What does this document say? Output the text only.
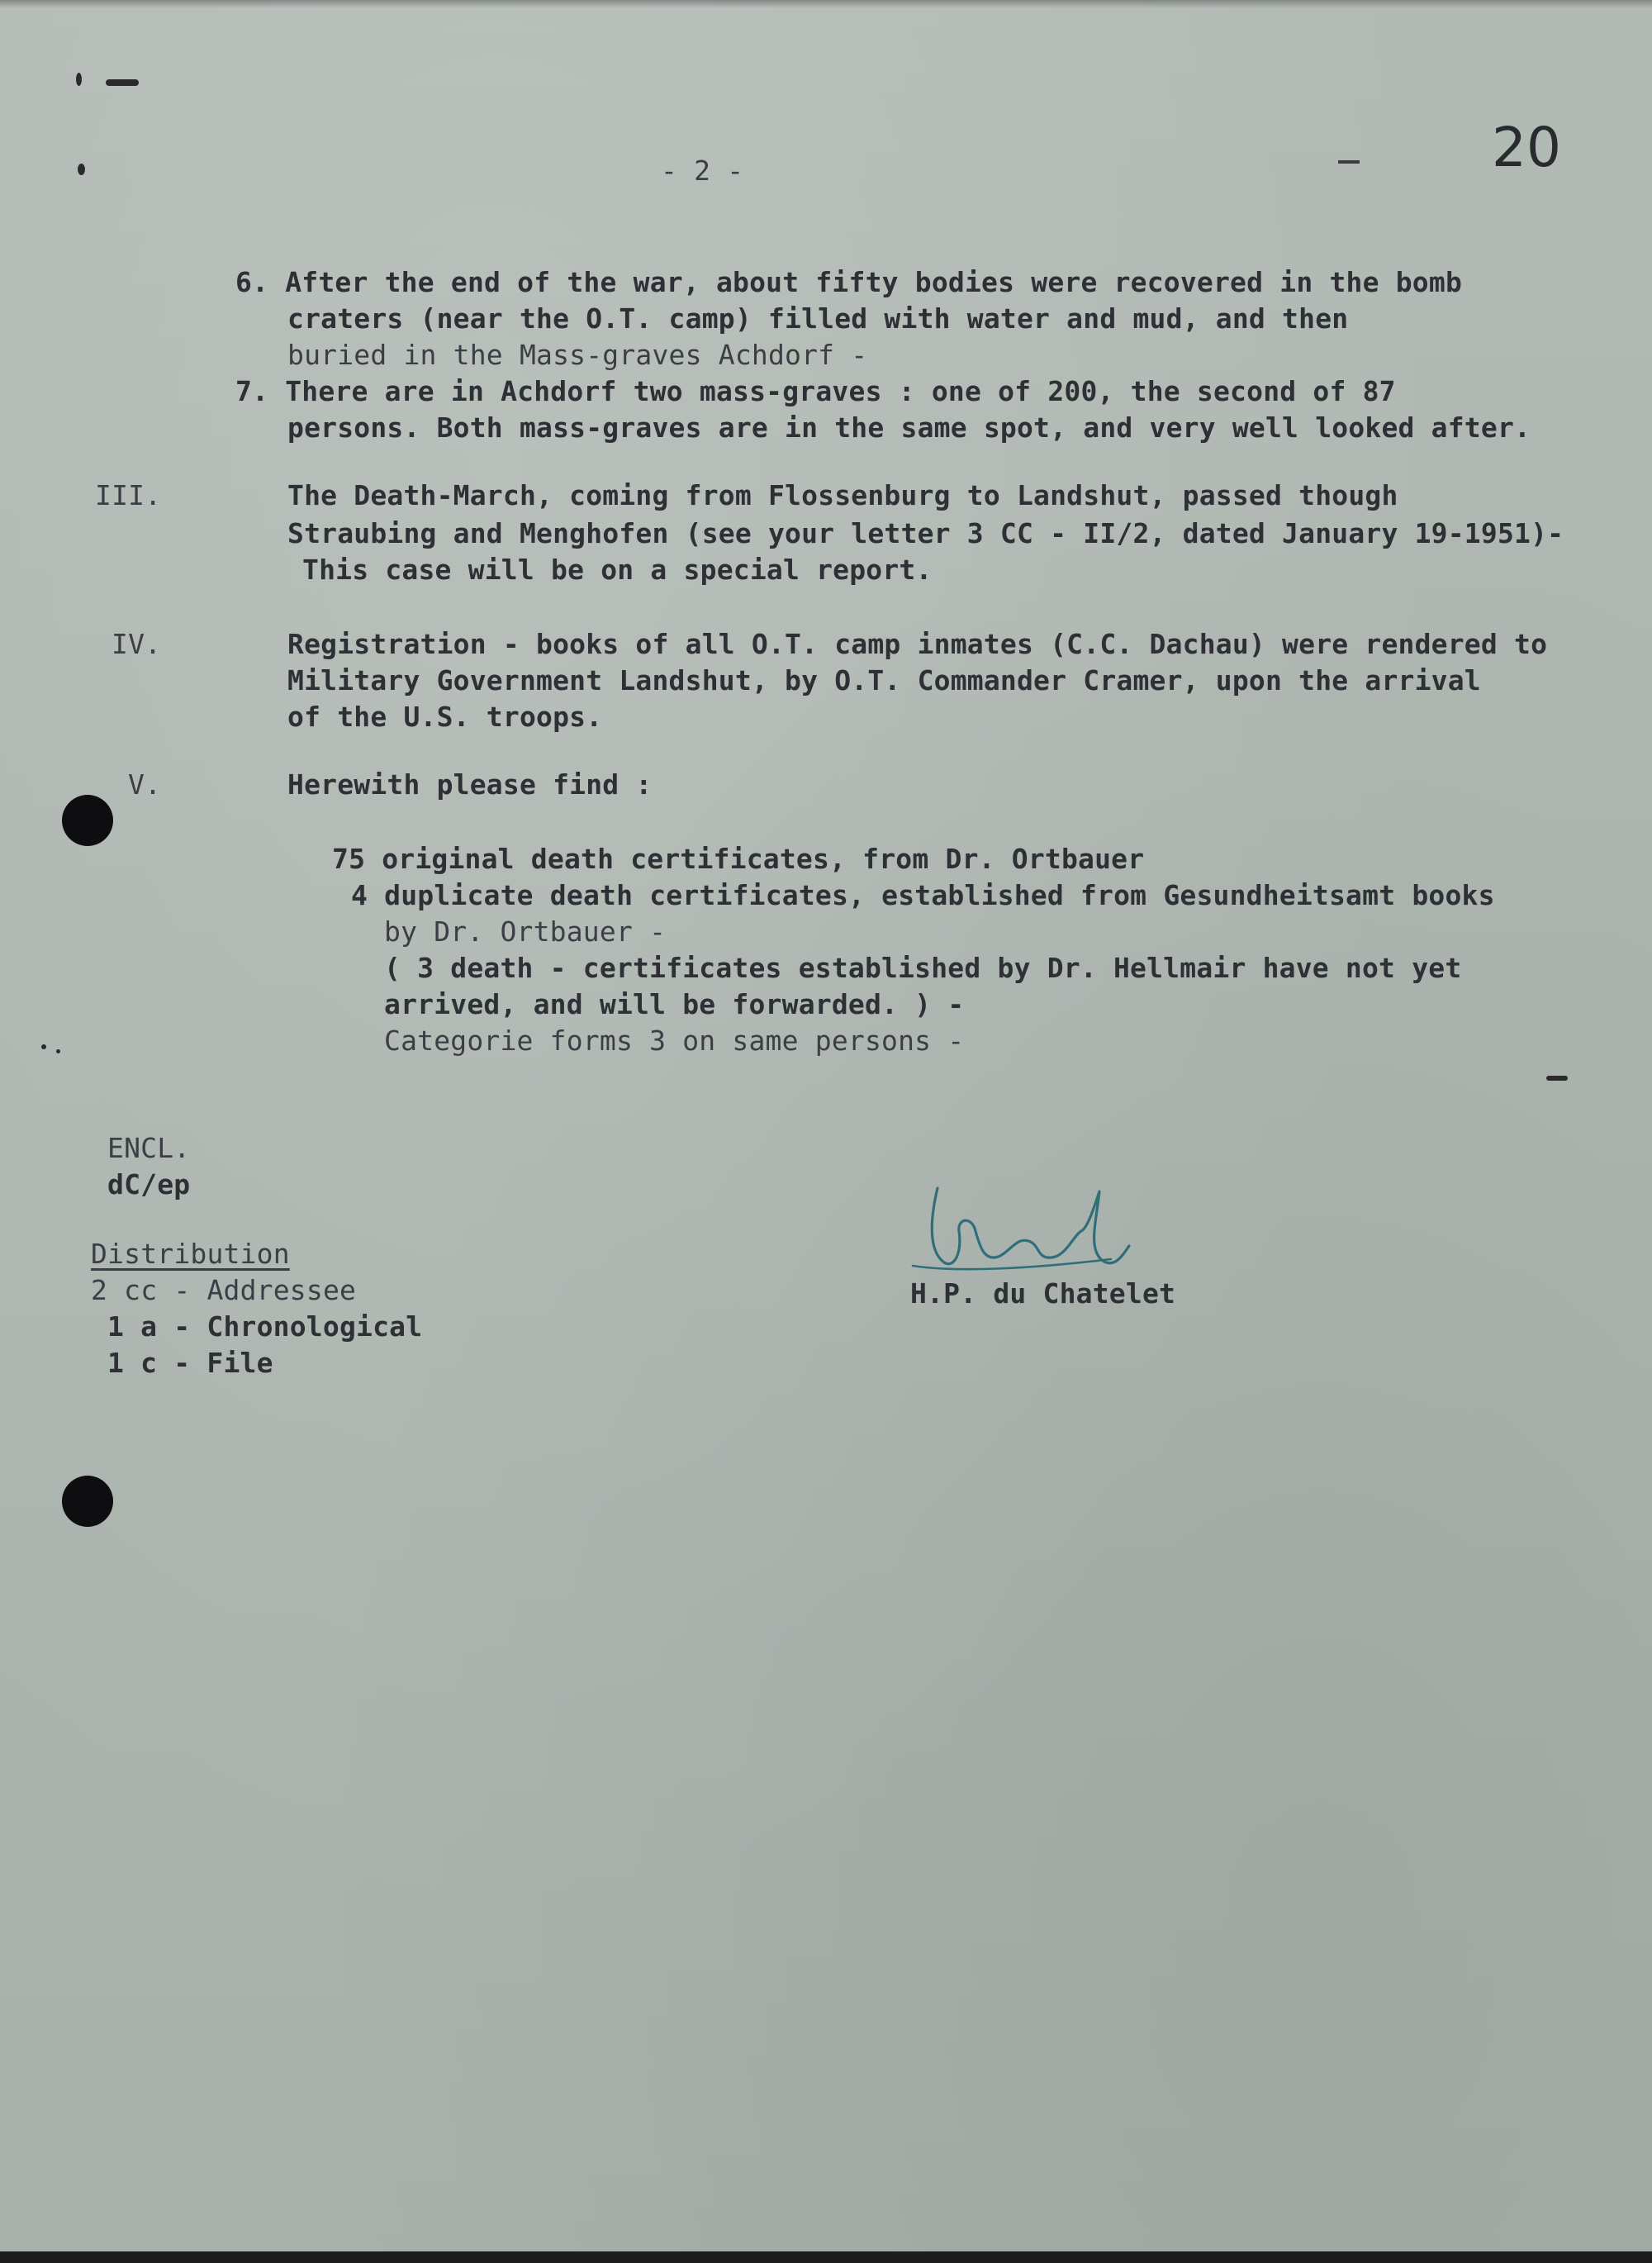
- 2 -	20
6. After the end of the war, about fifty bodies were recovered in the bomb
craters (near the O.T. camp) filled with water and mud, and then
buried in the Mass-graves Achdorf -
7. There are in Achdorf two mass-graves : one of 200, the second of 87
persons. Both mass-graves are in the same spot, and very well looked after.
III.	The Death-March, coming from Flossenburg to Landshut, passed though
Straubing and Menghofen (see your letter 3 CC - II/2, dated January 19-1951)-
This case will be on a special report.
IV.	Registration - books of all O.T. camp inmates (C.C. Dachau) were rendered to
Military Government Landshut, by O.T. Commander Cramer, upon the arrival
of the U.S. troops.
V.	Herewith please find :
75 original death certificates, from Dr. Ortbauer
4 duplicate death certificates, established from Gesundheitsamt books
by Dr. Ortbauer -
( 3 death - certificates established by Dr. Hellmair have not yet
arrived, and will be forwarded. ) -
Categorie forms 3 on same persons -
ENCL.
dC/ep
Distribution
2 cc - Addressee
1 a - Chronological
1 c - File
H.P. du Chatelet
